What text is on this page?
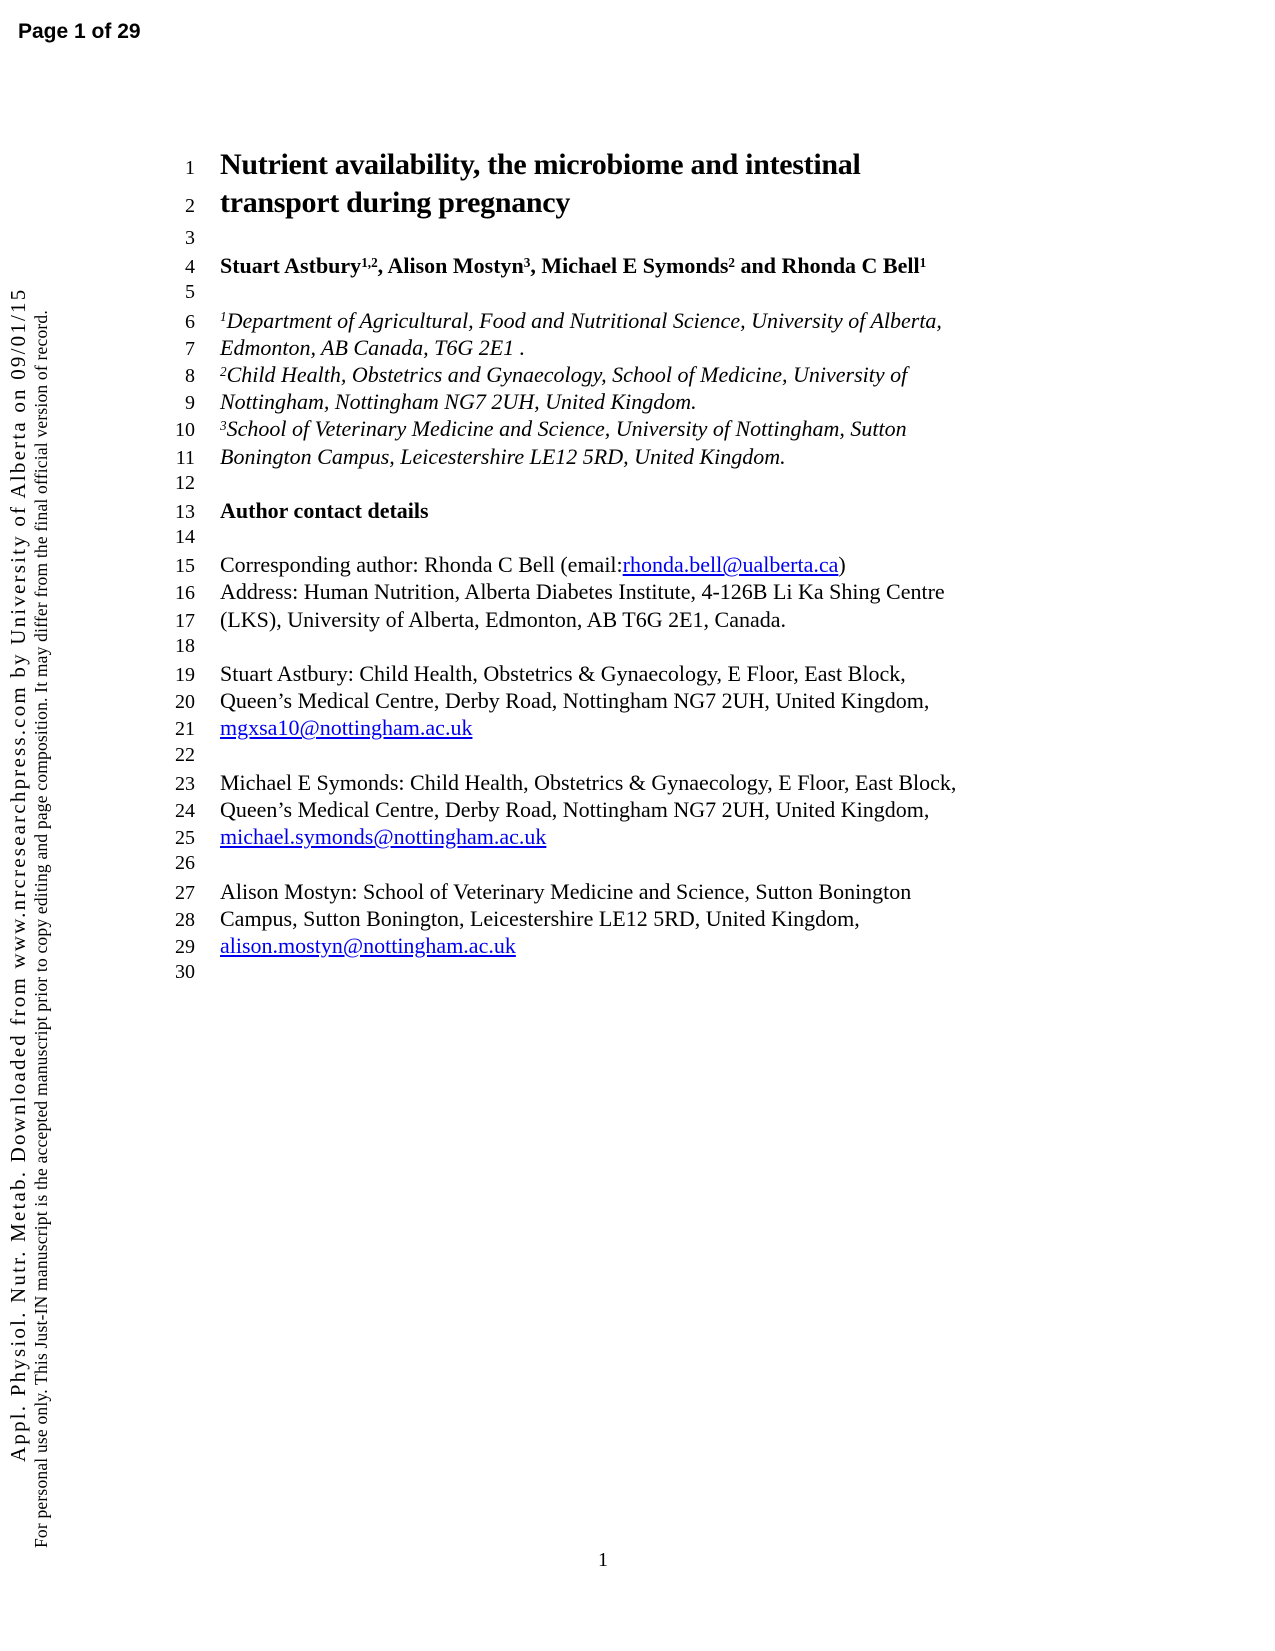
Page 1 of 29
Appl. Physiol. Nutr. Metab. Downloaded from www.nrcresearchpress.com by University of Alberta on 09/01/15 For personal use only. This Just-IN manuscript is the accepted manuscript prior to copy editing and page composition. It may differ from the final official version of record.
1 Nutrient availability, the microbiome and intestinal
2 transport during pregnancy
3
4 Stuart Astbury$^{1,2}$, Alison Mostyn$^3$, Michael E Symonds$^2$ and Rhonda C Bell$^1$
5
6 $^1$Department of Agricultural, Food and Nutritional Science, University of Alberta,
7 Edmonton, AB Canada, T6G 2E1 .
8 $^2$Child Health, Obstetrics and Gynaecology, School of Medicine, University of
9 Nottingham, Nottingham NG7 2UH, United Kingdom.
10 $^3$School of Veterinary Medicine and Science, University of Nottingham, Sutton
11 Bonington Campus, Leicestershire LE12 5RD, United Kingdom.
12
13 Author contact details
14
15 Corresponding author: Rhonda C Bell (email:rhonda.bell@ualberta.ca)
16 Address: Human Nutrition, Alberta Diabetes Institute, 4-126B Li Ka Shing Centre
17 (LKS), University of Alberta, Edmonton, AB T6G 2E1, Canada.
18
19 Stuart Astbury: Child Health, Obstetrics & Gynaecology, E Floor, East Block,
20 Queen’s Medical Centre, Derby Road, Nottingham NG7 2UH, United Kingdom,
21 mgxsa10@nottingham.ac.uk
22
23 Michael E Symonds: Child Health, Obstetrics & Gynaecology, E Floor, East Block,
24 Queen’s Medical Centre, Derby Road, Nottingham NG7 2UH, United Kingdom,
25 michael.symonds@nottingham.ac.uk
26
27 Alison Mostyn: School of Veterinary Medicine and Science, Sutton Bonington
28 Campus, Sutton Bonington, Leicestershire LE12 5RD, United Kingdom,
29 alison.mostyn@nottingham.ac.uk
30
1
